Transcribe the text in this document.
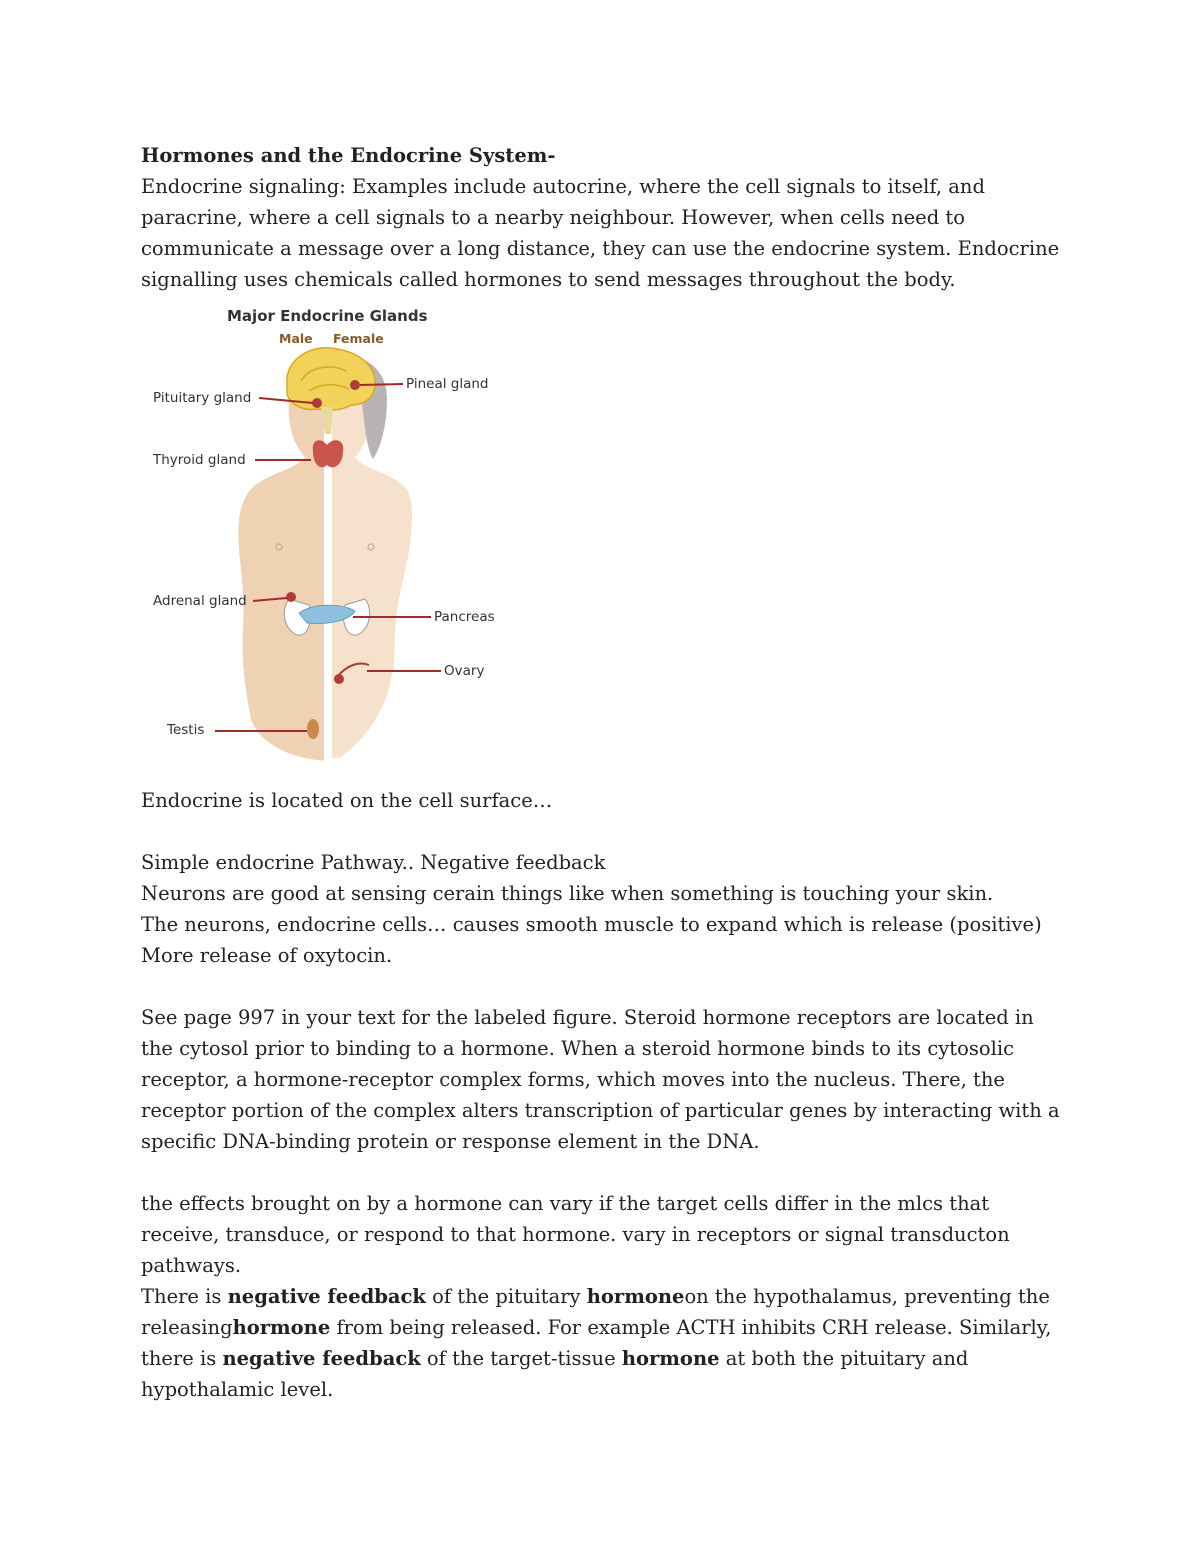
Hormones and the Endocrine System-

Endocrine signaling: Examples include autocrine, where the cell signals to itself, and paracrine, where a cell signals to a nearby neighbour. However, when cells need to communicate a message over a long distance, they can use the endocrine system. Endocrine signalling uses chemicals called hormones to send messages throughout the body.

Major Endocrine Glands
Male Female
Pituitary gland
Pineal gland
Thyroid gland
Adrenal gland
Pancreas
Ovary
Testis

Endocrine is located on the cell surface…

Simple endocrine Pathway.. Negative feedback

Neurons are good at sensing cerain things like when something is touching your skin.

The neurons, endocrine cells… causes smooth muscle to expand which is release (positive)

More release of oxytocin.

See page 997 in your text for the labeled figure. Steroid hormone receptors are located in the cytosol prior to binding to a hormone. When a steroid hormone binds to its cytosolic receptor, a hormone-receptor complex forms, which moves into the nucleus. There, the receptor portion of the complex alters transcription of particular genes by interacting with a specific DNA-binding protein or response element in the DNA.

the effects brought on by a hormone can vary if the target cells differ in the mlcs that receive, transduce, or respond to that hormone. vary in receptors or signal transducton pathways.

There is negative feedback of the pituitary hormoneon the hypothalamus, preventing the releasinghormone from being released. For example ACTH inhibits CRH release. Similarly, there is negative feedback of the target-tissue hormone at both the pituitary and hypothalamic level.
